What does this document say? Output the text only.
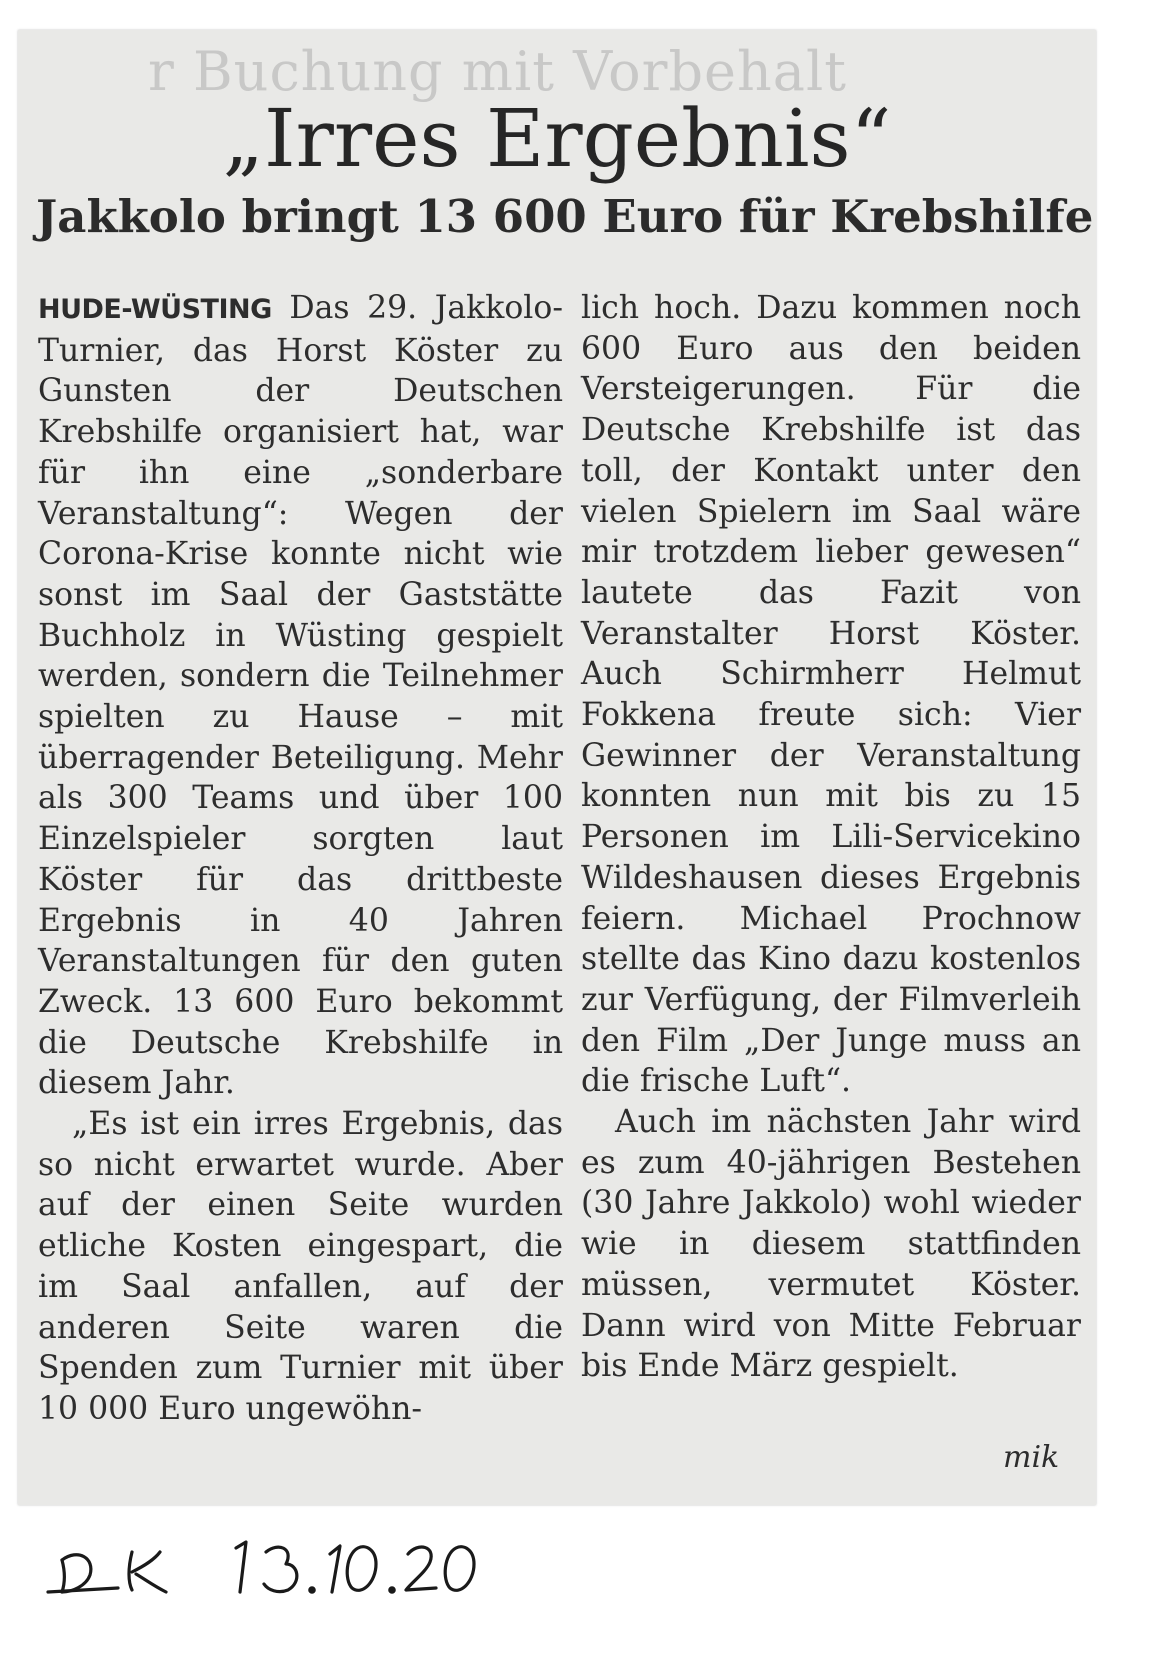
r Buchung mit Vorbehalt
„Irres Ergebnis“
Jakkolo bringt 13 600 Euro für Krebshilfe

HUDE-WÜSTING Das 29. Jakkolo-Turnier, das Horst Köster zu Gunsten der Deutschen Krebshilfe organisiert hat, war für ihn eine „sonderbare Veranstaltung“: Wegen der Corona-Krise konnte nicht wie sonst im Saal der Gaststätte Buchholz in Wüsting gespielt werden, sondern die Teilnehmer spielten zu Hause – mit überragender Beteiligung. Mehr als 300 Teams und über 100 Einzelspieler sorgten laut Köster für das drittbeste Ergebnis in 40 Jahren Veranstaltungen für den guten Zweck. 13 600 Euro bekommt die Deutsche Krebshilfe in diesem Jahr.

„Es ist ein irres Ergebnis, das so nicht erwartet wurde. Aber auf der einen Seite wurden etliche Kosten eingespart, die im Saal anfallen, auf der anderen Seite waren die Spenden zum Turnier mit über 10 000 Euro ungewöhn-

lich hoch. Dazu kommen noch 600 Euro aus den beiden Versteigerungen. Für die Deutsche Krebshilfe ist das toll, der Kontakt unter den vielen Spielern im Saal wäre mir trotzdem lieber gewesen“ lautete das Fazit von Veranstalter Horst Köster. Auch Schirmherr Helmut Fokkena freute sich: Vier Gewinner der Veranstaltung konnten nun mit bis zu 15 Personen im Lili-Servicekino Wildeshausen dieses Ergebnis feiern. Michael Prochnow stellte das Kino dazu kostenlos zur Verfügung, der Filmverleih den Film „Der Junge muss an die frische Luft“.

Auch im nächsten Jahr wird es zum 40-jährigen Bestehen (30 Jahre Jakkolo) wohl wieder wie in diesem stattfinden müssen, vermutet Köster. Dann wird von Mitte Februar bis Ende März gespielt.

mik
DK 13.10.20
